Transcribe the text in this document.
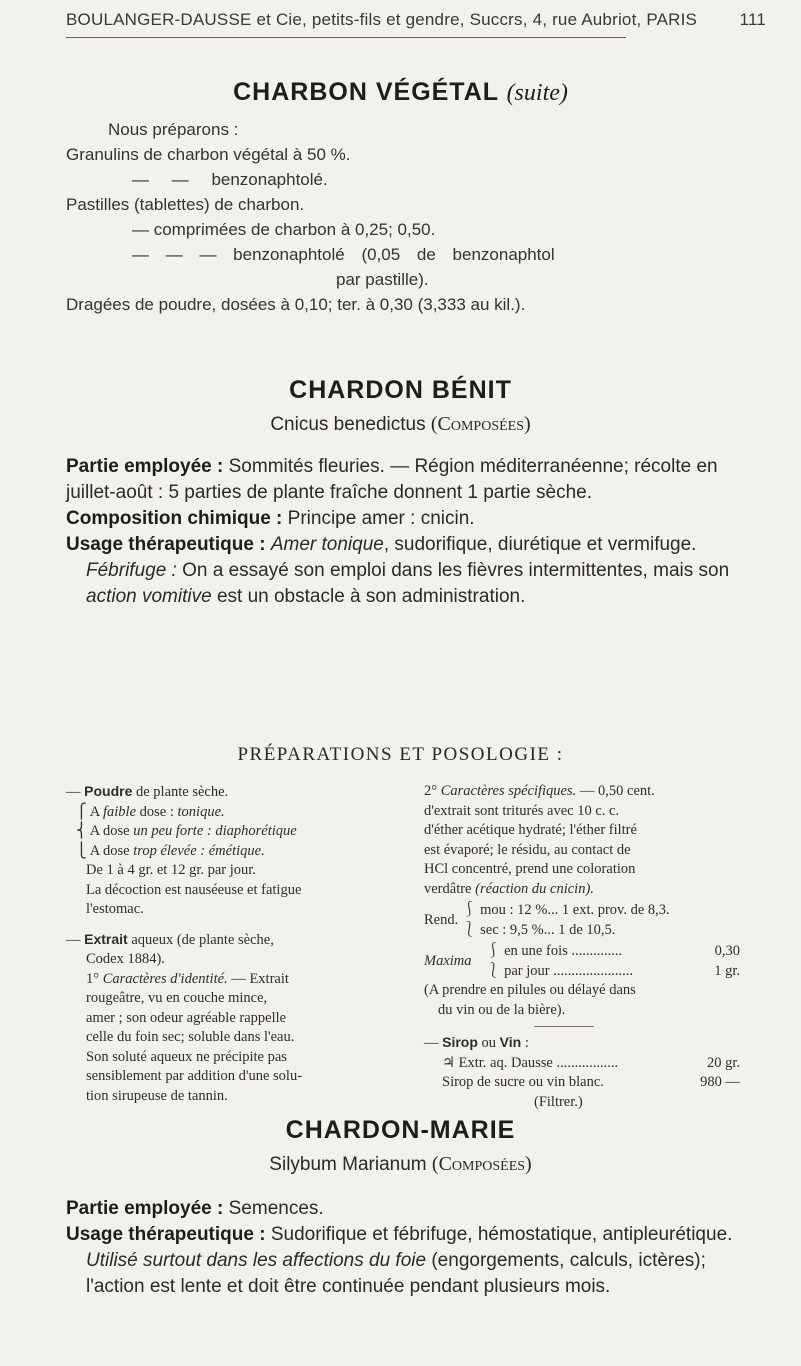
BOULANGER-DAUSSE et Cie, petits-fils et gendre, Succrs, 4, rue Aubriot, PARIS 111
CHARBON VÉGÉTAL (suite)
Nous préparons :
Granulins de charbon végétal à 50 %.
— — benzonaphtolé.
Pastilles (tablettes) de charbon.
— comprimées de charbon à 0,25; 0,50.
— — — benzonaphtolé (0,05 de benzonaphtol
par pastille).
Dragées de poudre, dosées à 0,10; ter. à 0,30 (3,333 au kil.).
CHARDON BÉNIT
Cnicus benedictus (Composées)
Partie employée : Sommités fleuries. — Région méditerranéenne; récolte en juillet-août : 5 parties de plante fraîche donnent 1 partie sèche.
Composition chimique : Principe amer : cnicin.
Usage thérapeutique : Amer tonique, sudorifique, diurétique et vermifuge.
Fébrifuge : On a essayé son emploi dans les fièvres intermittentes, mais son action vomitive est un obstacle à son administration.
PRÉPARATIONS ET POSOLOGIE :
— Poudre de plante sèche.
⎧ A faible dose : tonique.
⎨ A dose un peu forte : diaphorétique
⎩ A dose trop élevée : émétique.
De 1 à 4 gr. et 12 gr. par jour.
La décoction est nauséeuse et fatigue
l'estomac.
— Extrait aqueux (de plante sèche,
Codex 1884).
1° Caractères d'identité. — Extrait
rougeâtre, vu en couche mince,
amer ; son odeur agréable rappelle
celle du foin sec; soluble dans l'eau.
Son soluté aqueux ne précipite pas
sensiblement par addition d'une solu-
tion sirupeuse de tannin.
2° Caractères spécifiques. — 0,50 cent.
d'extrait sont triturés avec 10 c. c.
d'éther acétique hydraté; l'éther filtré
est évaporé; le résidu, au contact de
HCl concentré, prend une coloration
verdâtre (réaction du cnicin).
Rend.
⎰ mou : 12 %... 1 ext. prov. de 8,3.
⎱ sec : 9,5 %... 1 de 10,5.
Maxima
⎰ en une fois ..............	0,30
⎱ par jour ......................	1 gr.
(A prendre en pilules ou délayé dans
du vin ou de la bière).
— Sirop ou Vin :
♃ Extr. aq. Dausse .................	20 gr.
Sirop de sucre ou vin blanc.	980 —
(Filtrer.)
CHARDON-MARIE
Silybum Marianum (Composées)
Partie employée : Semences.
Usage thérapeutique : Sudorifique et fébrifuge, hémostatique, antipleurétique.
Utilisé surtout dans les affections du foie (engorgements, calculs, ictères); l'action est lente et doit être continuée pendant plusieurs mois.
